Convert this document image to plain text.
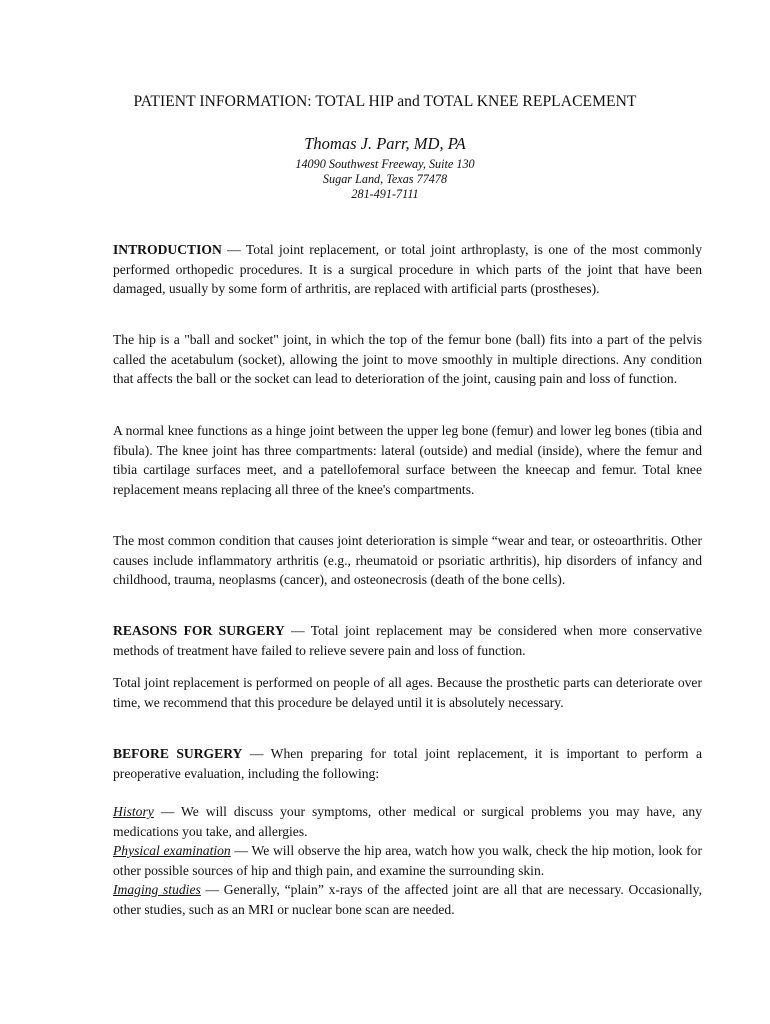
PATIENT INFORMATION: TOTAL HIP and TOTAL KNEE REPLACEMENT
Thomas J. Parr, MD, PA
14090 Southwest Freeway, Suite 130
Sugar Land, Texas 77478
281-491-7111
INTRODUCTION — Total joint replacement, or total joint arthroplasty, is one of the most commonly performed orthopedic procedures. It is a surgical procedure in which parts of the joint that have been damaged, usually by some form of arthritis, are replaced with artificial parts (prostheses).
The hip is a "ball and socket" joint, in which the top of the femur bone (ball) fits into a part of the pelvis called the acetabulum (socket), allowing the joint to move smoothly in multiple directions. Any condition that affects the ball or the socket can lead to deterioration of the joint, causing pain and loss of function.
A normal knee functions as a hinge joint between the upper leg bone (femur) and lower leg bones (tibia and fibula). The knee joint has three compartments: lateral (outside) and medial (inside), where the femur and tibia cartilage surfaces meet, and a patellofemoral surface between the kneecap and femur. Total knee replacement means replacing all three of the knee's compartments.
The most common condition that causes joint deterioration is simple “wear and tear, or osteoarthritis. Other causes include inflammatory arthritis (e.g., rheumatoid or psoriatic arthritis), hip disorders of infancy and childhood, trauma, neoplasms (cancer), and osteonecrosis (death of the bone cells).
REASONS FOR SURGERY — Total joint replacement may be considered when more conservative methods of treatment have failed to relieve severe pain and loss of function.
Total joint replacement is performed on people of all ages. Because the prosthetic parts can deteriorate over time, we recommend that this procedure be delayed until it is absolutely necessary.
BEFORE SURGERY — When preparing for total joint replacement, it is important to perform a preoperative evaluation, including the following:
History — We will discuss your symptoms, other medical or surgical problems you may have, any medications you take, and allergies.
Physical examination — We will observe the hip area, watch how you walk, check the hip motion, look for other possible sources of hip and thigh pain, and examine the surrounding skin.
Imaging studies — Generally, “plain” x-rays of the affected joint are all that are necessary. Occasionally, other studies, such as an MRI or nuclear bone scan are needed.
